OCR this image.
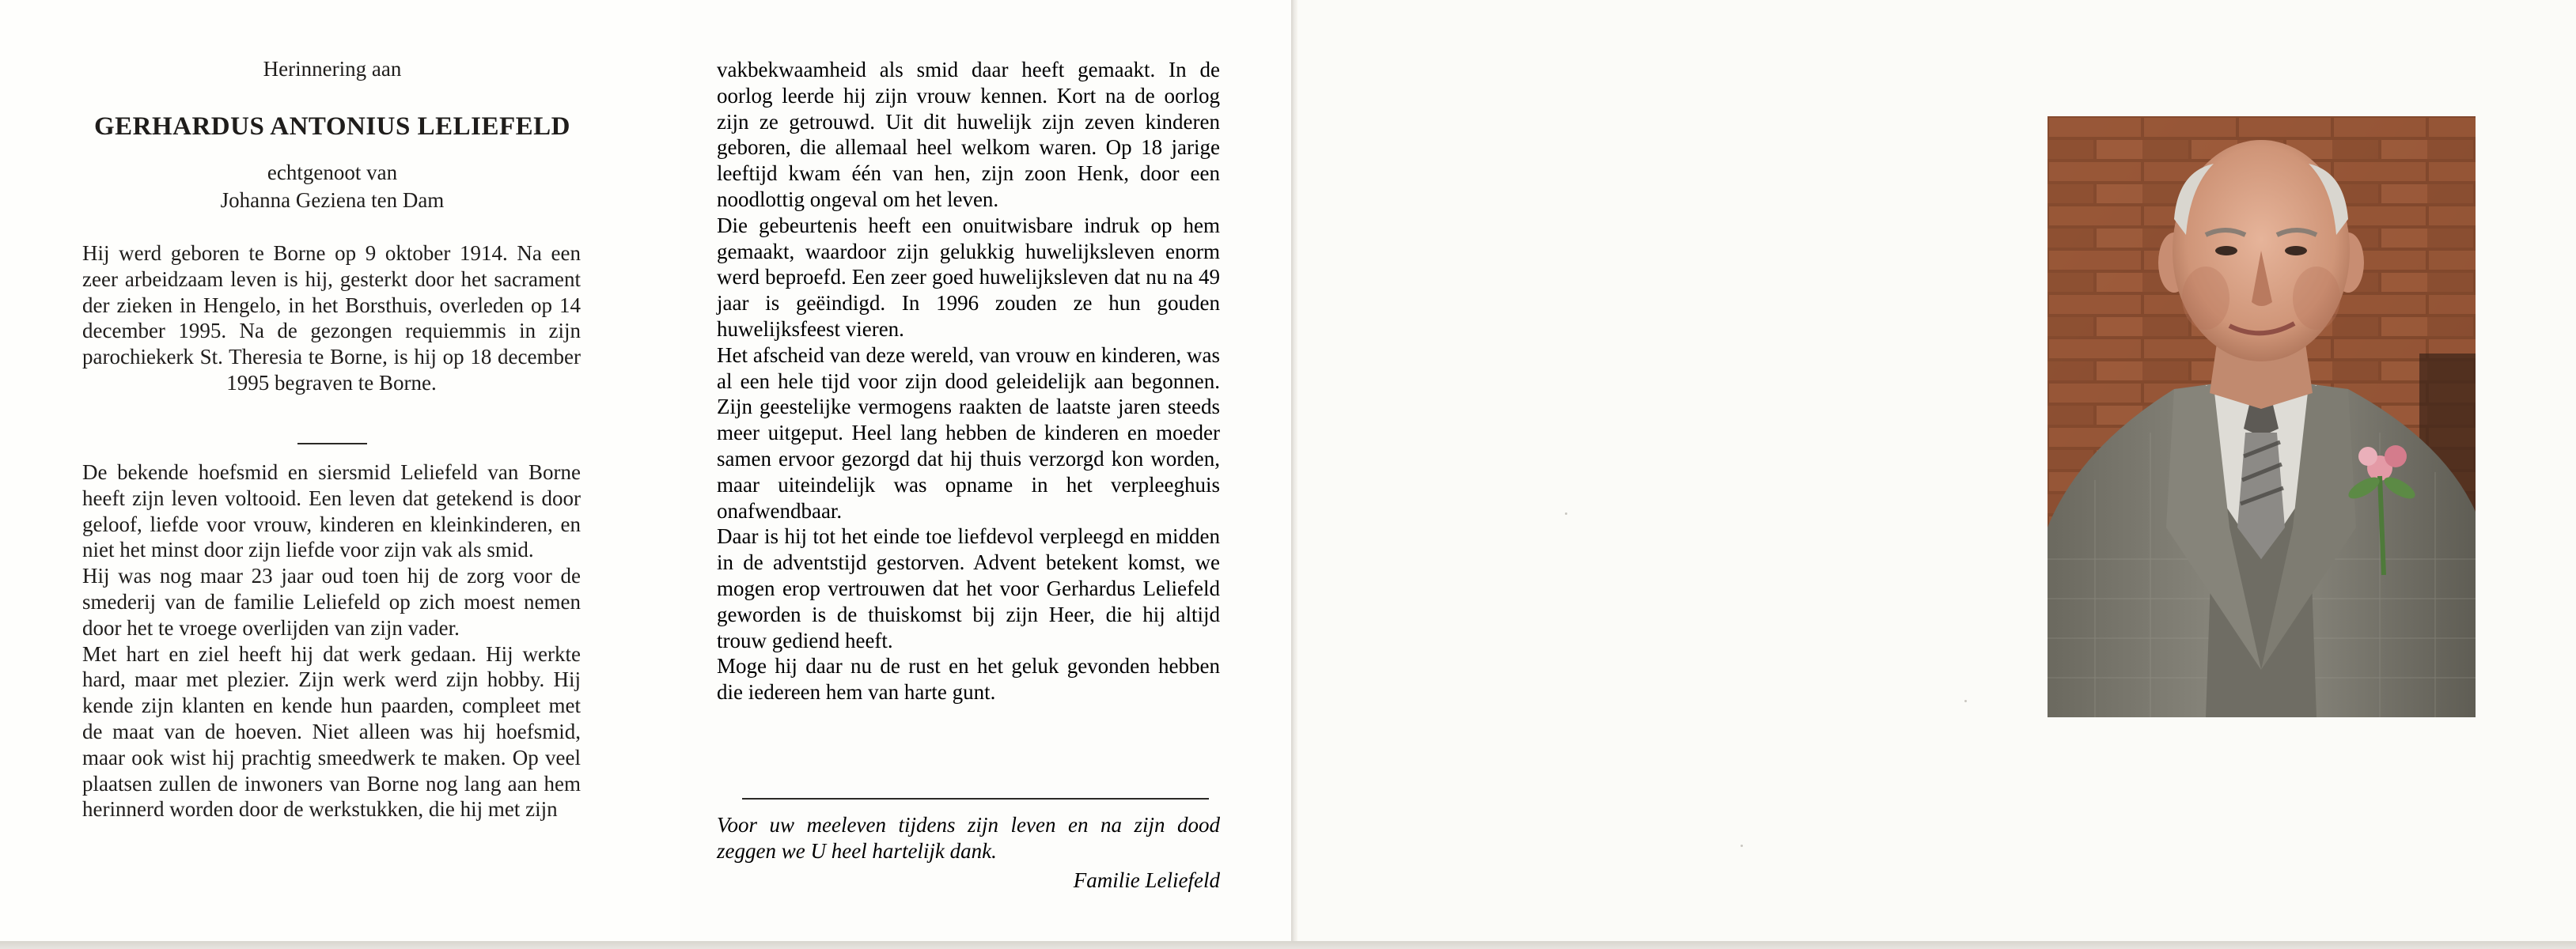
Herinnering aan
GERHARDUS ANTONIUS LELIEFELD
echtgenoot van
Johanna Geziena ten Dam

Hij werd geboren te Borne op 9 oktober 1914. Na een zeer arbeidzaam leven is hij, gesterkt door het sacrament der zieken in Hengelo, in het Borsthuis, overleden op 14 december 1995. Na de gezongen requiemmis in zijn parochiekerk St. Theresia te Borne, is hij op 18 december 1995 begraven te Borne.

De bekende hoefsmid en siersmid Leliefeld van Borne heeft zijn leven voltooid. Een leven dat getekend is door geloof, liefde voor vrouw, kinderen en kleinkinderen, en niet het minst door zijn liefde voor zijn vak als smid.

Hij was nog maar 23 jaar oud toen hij de zorg voor de smederij van de familie Leliefeld op zich moest nemen door het te vroege overlijden van zijn vader.

Met hart en ziel heeft hij dat werk gedaan. Hij werkte hard, maar met plezier. Zijn werk werd zijn hobby. Hij kende zijn klanten en kende hun paarden, compleet met de maat van de hoeven. Niet alleen was hij hoefsmid, maar ook wist hij prachtig smeedwerk te maken. Op veel plaatsen zullen de inwoners van Borne nog lang aan hem herinnerd worden door de werkstukken, die hij met zijn

vakbekwaamheid als smid daar heeft gemaakt. In de oorlog leerde hij zijn vrouw kennen. Kort na de oorlog zijn ze getrouwd. Uit dit huwelijk zijn zeven kinderen geboren, die allemaal heel welkom waren. Op 18 jarige leeftijd kwam één van hen, zijn zoon Henk, door een noodlottig ongeval om het leven.

Die gebeurtenis heeft een onuitwisbare indruk op hem gemaakt, waardoor zijn gelukkig huwelijksleven enorm werd beproefd. Een zeer goed huwelijksleven dat nu na 49 jaar is geëindigd. In 1996 zouden ze hun gouden huwelijksfeest vieren.

Het afscheid van deze wereld, van vrouw en kinderen, was al een hele tijd voor zijn dood geleidelijk aan begonnen. Zijn geestelijke vermogens raakten de laatste jaren steeds meer uitgeput. Heel lang hebben de kinderen en moeder samen ervoor gezorgd dat hij thuis verzorgd kon worden, maar uiteindelijk was opname in het verpleeghuis onafwendbaar.

Daar is hij tot het einde toe liefdevol verpleegd en midden in de adventstijd gestorven. Advent betekent komst, we mogen erop vertrouwen dat het voor Gerhardus Leliefeld geworden is de thuiskomst bij zijn Heer, die hij altijd trouw gediend heeft.

Moge hij daar nu de rust en het geluk gevonden hebben die iedereen hem van harte gunt.

Voor uw meeleven tijdens zijn leven en na zijn dood zeggen we U heel hartelijk dank.
Familie Leliefeld
